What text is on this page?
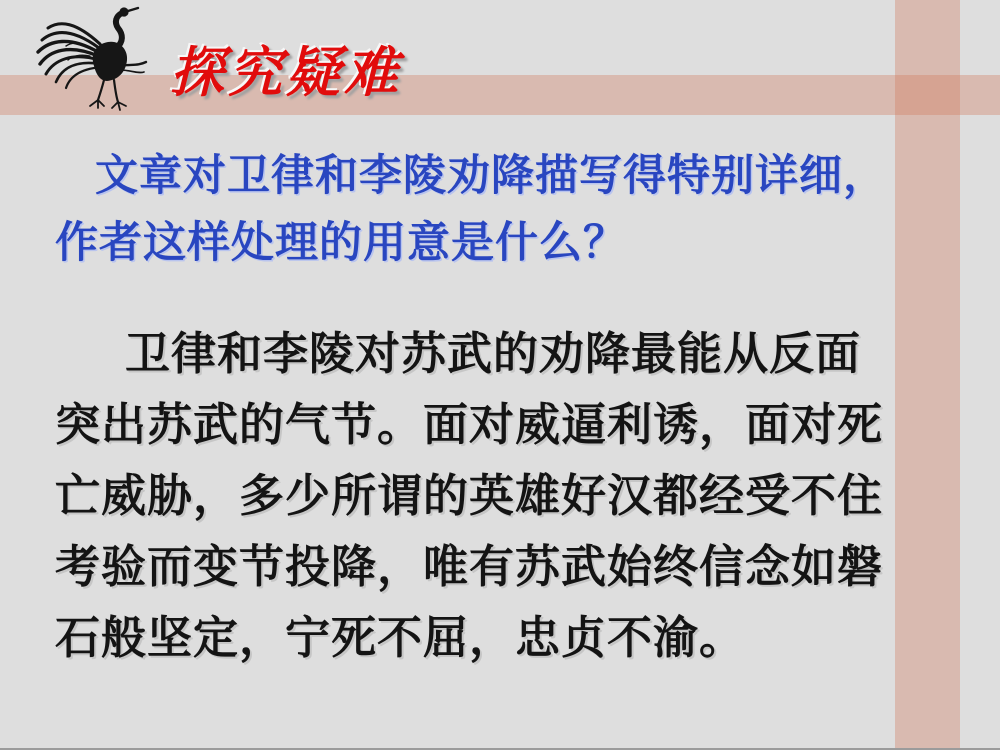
探究疑难
文章对卫律和李陵劝降描写得特别详细，
作者这样处理的用意是什么？
卫律和李陵对苏武的劝降最能从反面
突出苏武的气节。面对威逼利诱，面对死
亡威胁，多少所谓的英雄好汉都经受不住
考验而变节投降，唯有苏武始终信念如磐
石般坚定，宁死不屈，忠贞不渝。
